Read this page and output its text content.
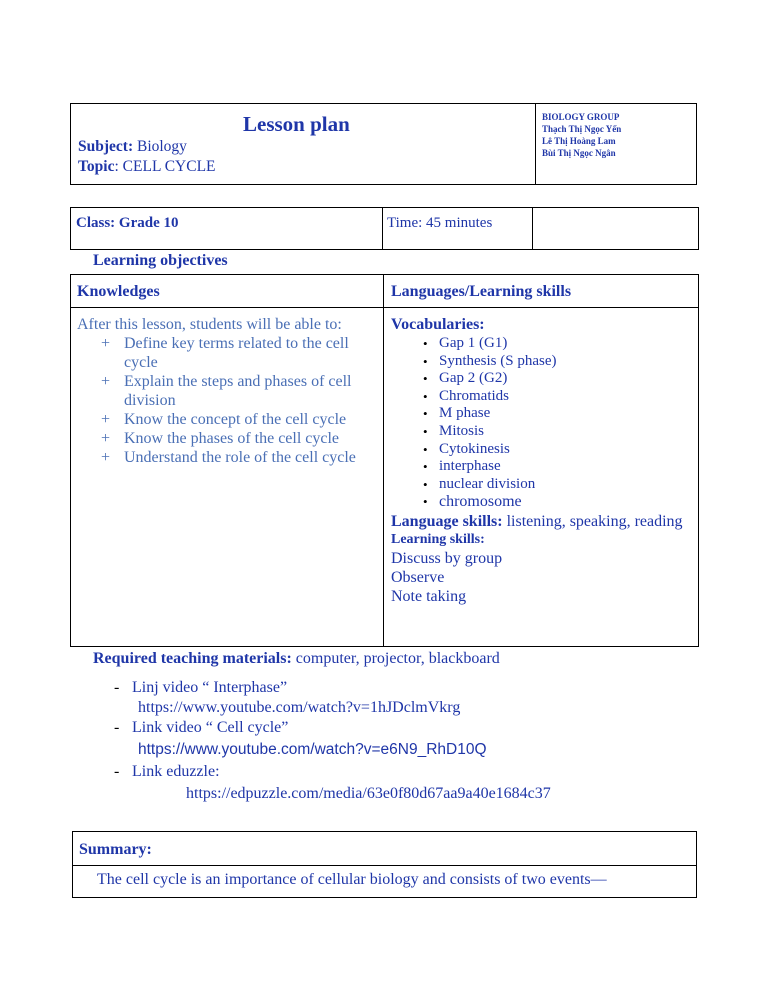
Lesson plan
Subject: Biology
Topic: CELL CYCLE
BIOLOGY GROUP
Thạch Thị Ngọc Yến
Lê Thị Hoàng Lam
Bùi Thị Ngọc Ngân
Class: Grade 10	Time: 45 minutes
Learning objectives
Knowledges	Languages/Learning skills
After this lesson, students will be able to:
+ Define key terms related to the cell cycle
+ Explain the steps and phases of cell division
+ Know the concept of the cell cycle
+ Know the phases of the cell cycle
+ Understand the role of the cell cycle
Vocabularies:
• Gap 1 (G1)
• Synthesis (S phase)
• Gap 2 (G2)
• Chromatids
• M phase
• Mitosis
• Cytokinesis
• interphase
• nuclear division
• chromosome
Language skills: listening, speaking, reading
Learning skills:
Discuss by group
Observe
Note taking
Required teaching materials: computer, projector, blackboard
- Linj video “ Interphase”
https://www.youtube.com/watch?v=1hJDclmVkrg
- Link video “ Cell cycle”
https://www.youtube.com/watch?v=e6N9_RhD10Q
- Link eduzzle:
https://edpuzzle.com/media/63e0f80d67aa9a40e1684c37
Summary:
The cell cycle is an importance of cellular biology and consists of two events—
